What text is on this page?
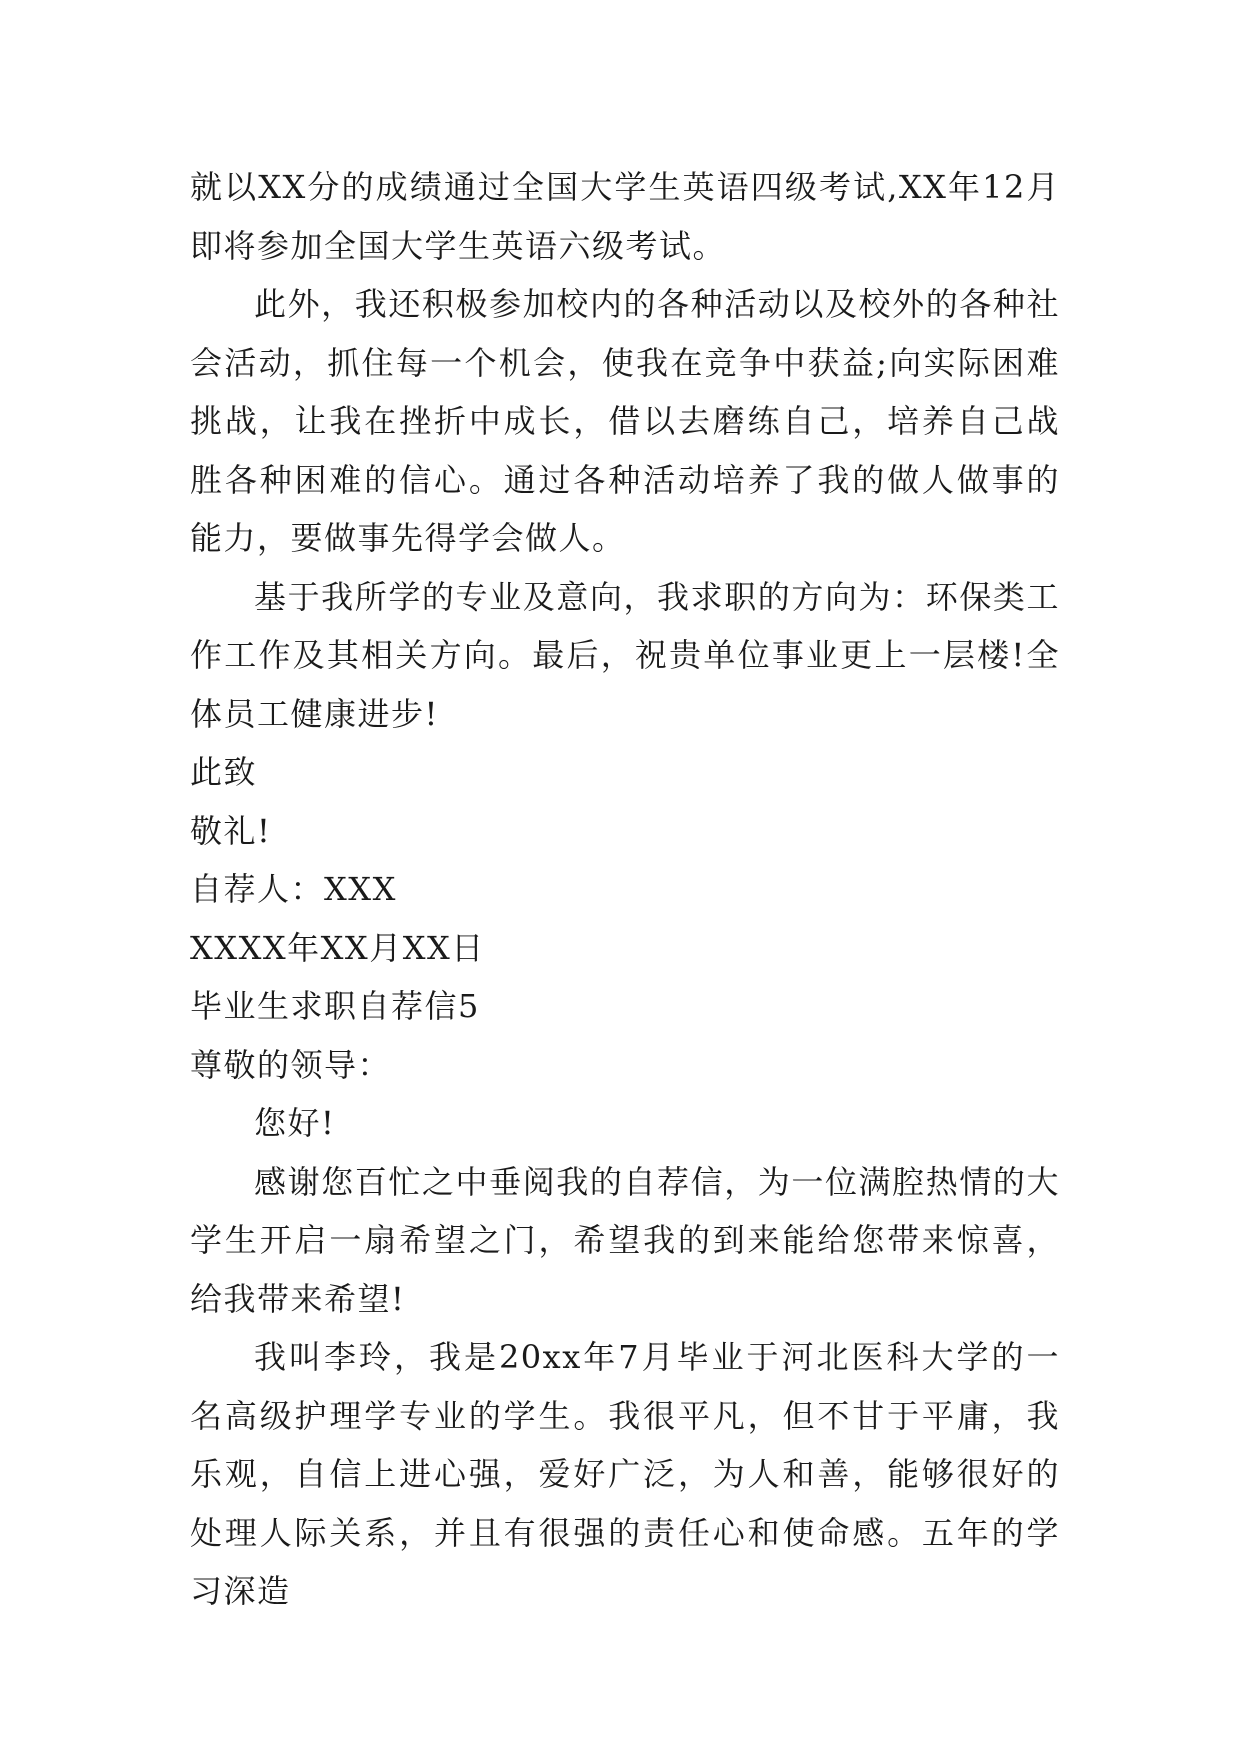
就以XX分的成绩通过全国大学生英语四级考试,XX年12月即将参加全国大学生英语六级考试。

此外，我还积极参加校内的各种活动以及校外的各种社会活动，抓住每一个机会，使我在竞争中获益;向实际困难挑战，让我在挫折中成长，借以去磨练自己，培养自己战胜各种困难的信心。通过各种活动培养了我的做人做事的能力，要做事先得学会做人。

基于我所学的专业及意向，我求职的方向为：环保类工作工作及其相关方向。最后，祝贵单位事业更上一层楼!全体员工健康进步!

此致

敬礼!

自荐人：XXX

XXXX年XX月XX日

毕业生求职自荐信5

尊敬的领导：

您好!

感谢您百忙之中垂阅我的自荐信，为一位满腔热情的大学生开启一扇希望之门，希望我的到来能给您带来惊喜，给我带来希望!

我叫李玲，我是20xx年7月毕业于河北医科大学的一名高级护理学专业的学生。我很平凡，但不甘于平庸，我乐观，自信上进心强，爱好广泛，为人和善，能够很好的处理人际关系，并且有很强的责任心和使命感。五年的学习深造
